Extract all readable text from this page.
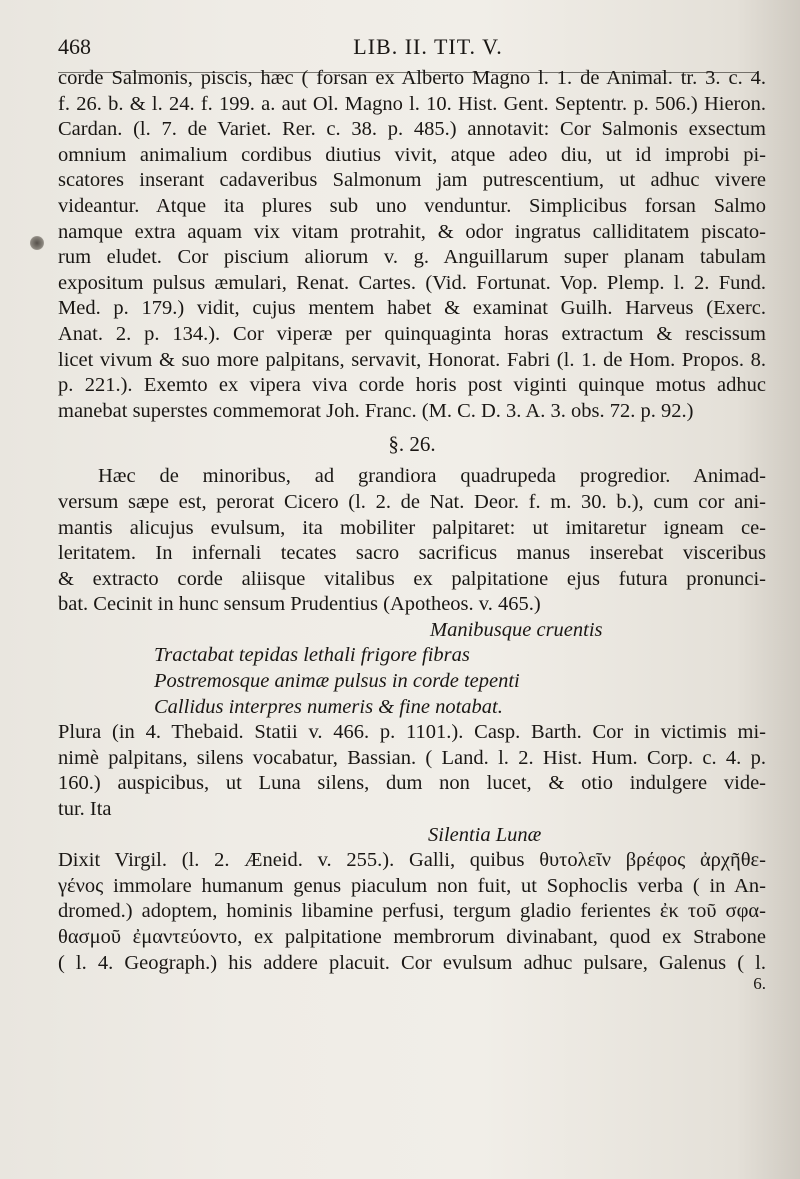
468	LIB. II. TIT. V.
corde Salmonis, piscis, hæc ( forsan ex Alberto Magno l. 1. de Animal. tr. 3. c. 4.
f. 26. b. & l. 24. f. 199. a. aut Ol. Magno l. 10. Hist. Gent. Septentr. p. 506.) Hieron.
Cardan. (l. 7. de Variet. Rer. c. 38. p. 485.) annotavit: Cor Salmonis exsectum
omnium animalium cordibus diutius vivit, atque adeo diu, ut id improbi pi-
scatores inserant cadaveribus Salmonum jam putrescentium, ut adhuc vivere
videantur. Atque ita plures sub uno venduntur. Simplicibus forsan Salmo
namque extra aquam vix vitam protrahit, & odor ingratus calliditatem piscato-
rum eludet. Cor piscium aliorum v. g. Anguillarum super planam tabulam
expositum pulsus æmulari, Renat. Cartes. (Vid. Fortunat. Vop. Plemp. l. 2. Fund.
Med. p. 179.) vidit, cujus mentem habet & examinat Guilh. Harveus (Exerc.
Anat. 2. p. 134.). Cor viperæ per quinquaginta horas extractum & rescissum
licet vivum & suo more palpitans, servavit, Honorat. Fabri (l. 1. de Hom. Propos. 8.
p. 221.). Exemto ex vipera viva corde horis post viginti quinque motus adhuc
manebat superstes commemorat Joh. Franc. (M. C. D. 3. A. 3. obs. 72. p. 92.)
§. 26.
Hæc de minoribus, ad grandiora quadrupeda progredior. Animad-
versum sæpe est, perorat Cicero (l. 2. de Nat. Deor. f. m. 30. b.), cum cor ani-
mantis alicujus evulsum, ita mobiliter palpitaret: ut imitaretur igneam ce-
leritatem. In infernali tecates sacro sacrificus manus inserebat visceribus
& extracto corde aliisque vitalibus ex palpitatione ejus futura pronunci-
bat. Cecinit in hunc sensum Prudentius (Apotheos. v. 465.)
Manibusque cruentis
Tractabat tepidas lethali frigore fibras
Postremosque animæ pulsus in corde tepenti
Callidus interpres numeris & fine notabat.
Plura (in 4. Thebaid. Statii v. 466. p. 1101.). Casp. Barth. Cor in victimis mi-
nimè palpitans, silens vocabatur, Bassian. ( Land. l. 2. Hist. Hum. Corp. c. 4. p.
160.) auspicibus, ut Luna silens, dum non lucet, & otio indulgere vide-
tur. Ita
Silentia Lunæ
Dixit Virgil. (l. 2. Æneid. v. 255.). Galli, quibus θυτολεῖν βρέφος ἀρχῆθε-
γένος immolare humanum genus piaculum non fuit, ut Sophoclis verba ( in An-
dromed.) adoptem, hominis libamine perfusi, tergum gladio ferientes ἐκ τοῦ σφα-
θασμοῦ ἐμαντεύοντο, ex palpitatione membrorum divinabant, quod ex Strabone
( l. 4. Geograph.) his addere placuit. Cor evulsum adhuc pulsare, Galenus ( l.
6.
